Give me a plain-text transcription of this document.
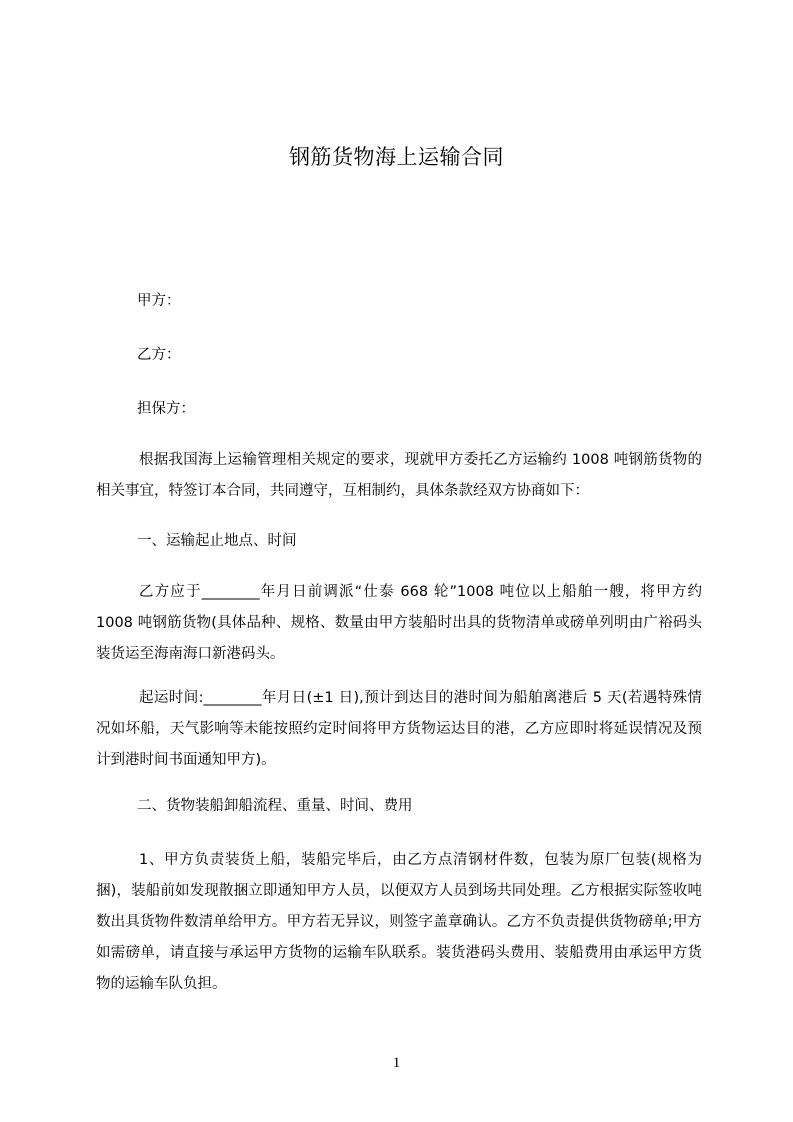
钢筋货物海上运输合同
甲方：
乙方：
担保方：

根据我国海上运输管理相关规定的要求，现就甲方委托乙方运输约 1008 吨钢筋货物的相关事宜，特签订本合同，共同遵守，互相制约，具体条款经双方协商如下：

一、运输起止地点、时间

乙方应于________年月日前调派“仕泰 668 轮”1008 吨位以上船舶一艘，将甲方约 1008 吨钢筋货物(具体品种、规格、数量由甲方装船时出具的货物清单或磅单列明由广裕码头装货运至海南海口新港码头。

起运时间:________年月日(±1 日),预计到达目的港时间为船舶离港后 5 天(若遇特殊情况如坏船，天气影响等未能按照约定时间将甲方货物运达目的港，乙方应即时将延误情况及预计到港时间书面通知甲方)。

二、货物装船卸船流程、重量、时间、费用

1、甲方负责装货上船，装船完毕后，由乙方点清钢材件数，包装为原厂包装(规格为捆)，装船前如发现散捆立即通知甲方人员，以便双方人员到场共同处理。乙方根据实际签收吨数出具货物件数清单给甲方。甲方若无异议，则签字盖章确认。乙方不负责提供货物磅单;甲方如需磅单，请直接与承运甲方货物的运输车队联系。装货港码头费用、装船费用由承运甲方货物的运输车队负担。

1
